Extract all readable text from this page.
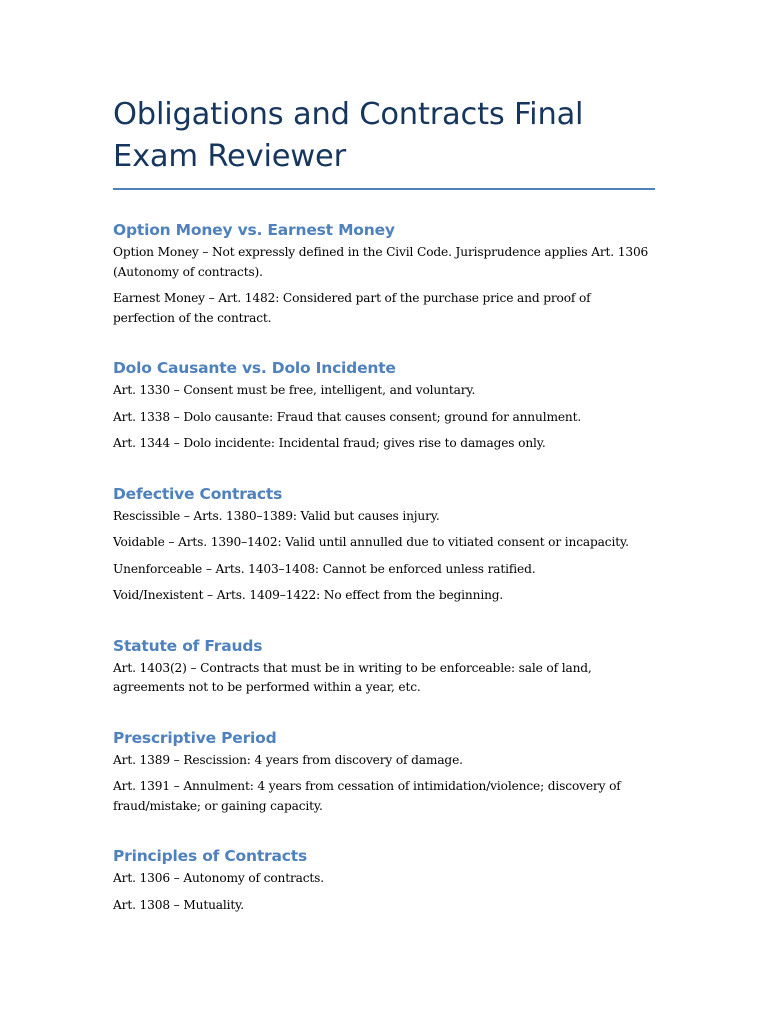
Obligations and Contracts Final Exam Reviewer
Option Money vs. Earnest Money

Option Money – Not expressly defined in the Civil Code. Jurisprudence applies Art. 1306 (Autonomy of contracts).

Earnest Money – Art. 1482: Considered part of the purchase price and proof of perfection of the contract.

Dolo Causante vs. Dolo Incidente

Art. 1330 – Consent must be free, intelligent, and voluntary.

Art. 1338 – Dolo causante: Fraud that causes consent; ground for annulment.

Art. 1344 – Dolo incidente: Incidental fraud; gives rise to damages only.

Defective Contracts

Rescissible – Arts. 1380–1389: Valid but causes injury.

Voidable – Arts. 1390–1402: Valid until annulled due to vitiated consent or incapacity.

Unenforceable – Arts. 1403–1408: Cannot be enforced unless ratified.

Void/Inexistent – Arts. 1409–1422: No effect from the beginning.

Statute of Frauds

Art. 1403(2) – Contracts that must be in writing to be enforceable: sale of land, agreements not to be performed within a year, etc.

Prescriptive Period

Art. 1389 – Rescission: 4 years from discovery of damage.

Art. 1391 – Annulment: 4 years from cessation of intimidation/violence; discovery of fraud/mistake; or gaining capacity.

Principles of Contracts

Art. 1306 – Autonomy of contracts.

Art. 1308 – Mutuality.
